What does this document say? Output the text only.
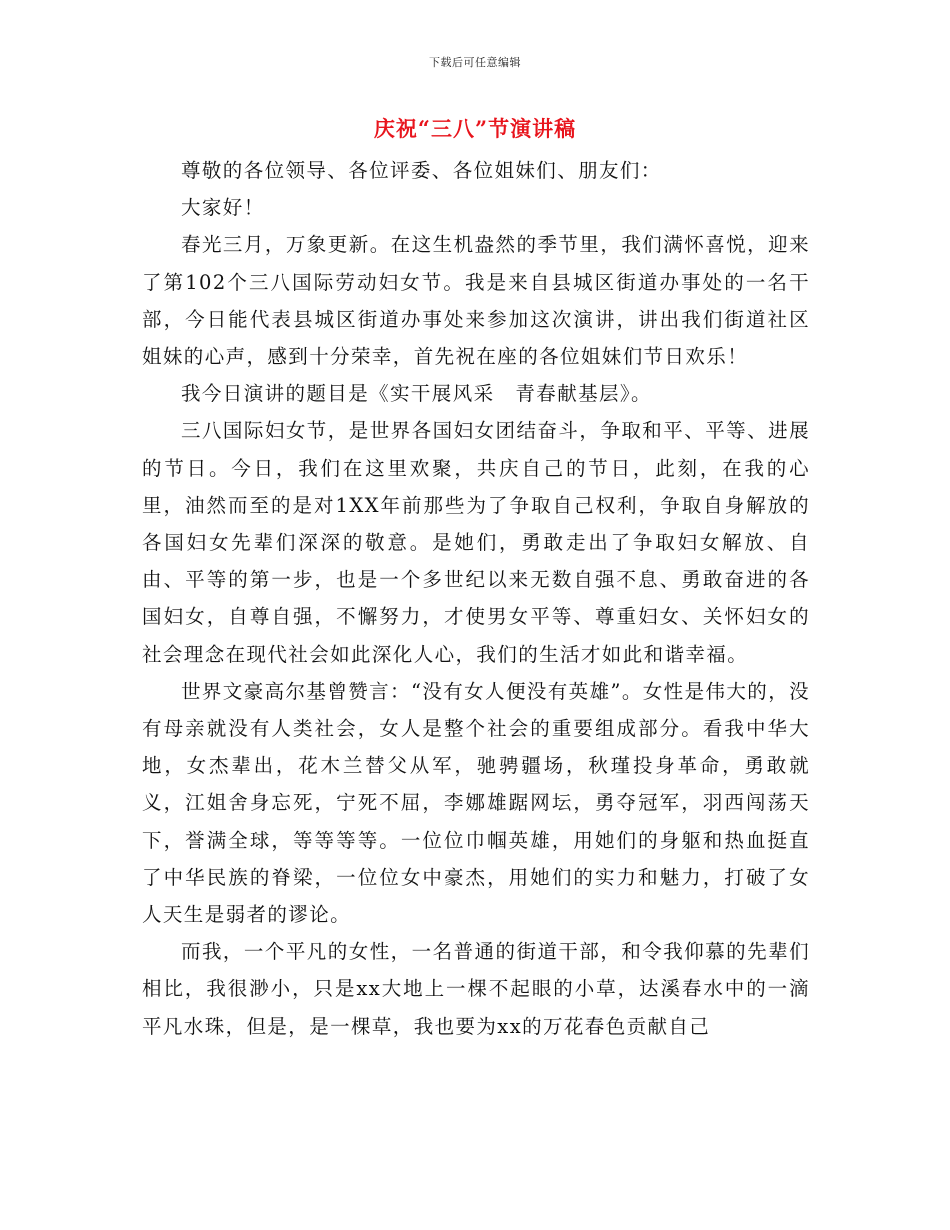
下载后可任意编辑
庆祝“三八”节演讲稿

尊敬的各位领导、各位评委、各位姐妹们、朋友们：

大家好！

春光三月，万象更新。在这生机盎然的季节里，我们满怀喜悦，迎来了第102个三八国际劳动妇女节。我是来自县城区街道办事处的一名干部，今日能代表县城区街道办事处来参加这次演讲，讲出我们街道社区姐妹的心声，感到十分荣幸，首先祝在座的各位姐妹们节日欢乐！

我今日演讲的题目是《实干展风采　青春献基层》。

三八国际妇女节，是世界各国妇女团结奋斗，争取和平、平等、进展的节日。今日，我们在这里欢聚，共庆自己的节日，此刻，在我的心里，油然而至的是对1XX年前那些为了争取自己权利，争取自身解放的各国妇女先辈们深深的敬意。是她们，勇敢走出了争取妇女解放、自由、平等的第一步，也是一个多世纪以来无数自强不息、勇敢奋进的各国妇女，自尊自强，不懈努力，才使男女平等、尊重妇女、关怀妇女的社会理念在现代社会如此深化人心，我们的生活才如此和谐幸福。

世界文豪高尔基曾赞言：“没有女人便没有英雄”。女性是伟大的，没有母亲就没有人类社会，女人是整个社会的重要组成部分。看我中华大地，女杰辈出，花木兰替父从军，驰骋疆场，秋瑾投身革命，勇敢就义，江姐舍身忘死，宁死不屈，李娜雄踞网坛，勇夺冠军，羽西闯荡天下，誉满全球，等等等等。一位位巾帼英雄，用她们的身躯和热血挺直了中华民族的脊梁，一位位女中豪杰，用她们的实力和魅力，打破了女人天生是弱者的谬论。

而我，一个平凡的女性，一名普通的街道干部，和令我仰慕的先辈们相比，我很渺小，只是xx大地上一棵不起眼的小草，达溪春水中的一滴平凡水珠，但是，是一棵草，我也要为xx的万花春色贡献自己
